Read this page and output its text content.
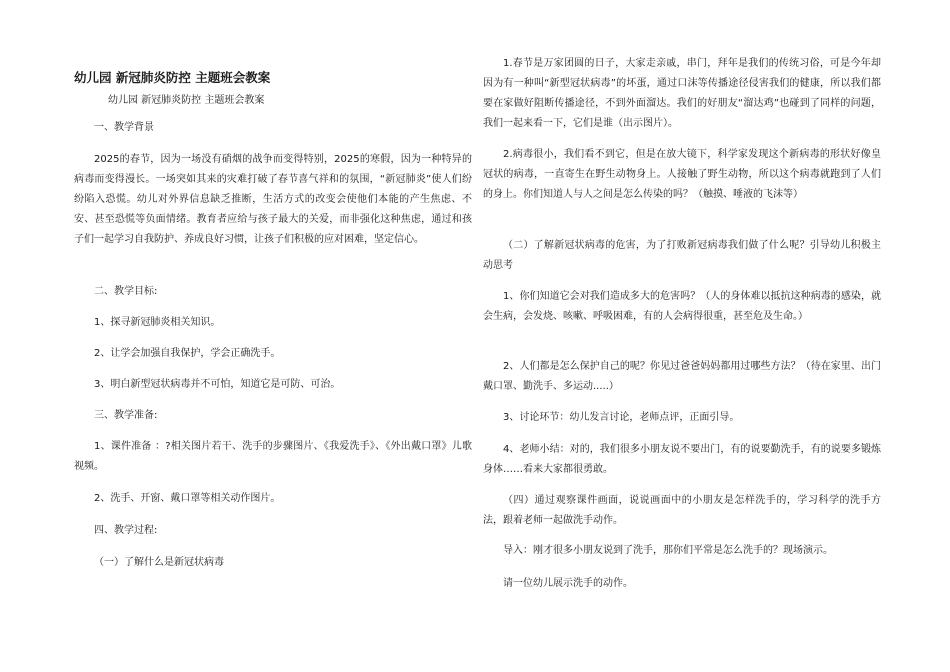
幼儿园 新冠肺炎防控 主题班会教案
幼儿园 新冠肺炎防控 主题班会教案

一、教学背景

2025的春节，因为一场没有硝烟的战争而变得特别，2025的寒假，因为一种特异的病毒而变得漫长。一场突如其来的灾难打破了春节喜气祥和的氛围，“新冠肺炎”使人们纷纷陷入恐慌。幼儿对外界信息缺乏推断，生活方式的改变会使他们本能的产生焦虑、不安、甚至恐慌等负面情绪。教育者应给与孩子最大的关爱，而非强化这种焦虑，通过和孩子们一起学习自我防护、养成良好习惯，让孩子们积极的应对困难，坚定信心。

二、教学目标:

1、探寻新冠肺炎相关知识。

2、让学会加强自我保护，学会正确洗手。

3、明白新型冠状病毒并不可怕，知道它是可防、可治。

三、教学准备:

1、课件准备 ：?相关图片若干、洗手的步骤图片、《我爱洗手》、《外出戴口罩》儿歌视频。

2、洗手、开窗、戴口罩等相关动作图片。

四、教学过程:

（一）了解什么是新冠状病毒

1.春节是万家团圆的日子，大家走亲戚，串门，拜年是我们的传统习俗，可是今年却因为有一种叫“新型冠状病毒”的坏蛋，通过口沫等传播途径侵害我们的健康，所以我们都要在家做好阻断传播途径，不到外面溜达。我们的好朋友“溜达鸡”也碰到了同样的问题，我们一起来看一下，它们是谁（出示图片）。

2.病毒很小，我们看不到它，但是在放大镜下，科学家发现这个新病毒的形状好像皇冠状的病毒，一直寄生在野生动物身上。人接触了野生动物，所以这个病毒就跑到了人们的身上。你们知道人与人之间是怎么传染的吗？（触摸、唾液的飞沫等）

（二）了解新冠状病毒的危害，为了打败新冠病毒我们做了什么呢？引导幼儿积极主动思考

1、你们知道它会对我们造成多大的危害吗？（人的身体难以抵抗这种病毒的感染，就会生病，会发烧、咳嗽、呼吸困难，有的人会病得很重，甚至危及生命。）

2、人们都是怎么保护自己的呢？你见过爸爸妈妈都用过哪些方法？（待在家里、出门戴口罩、勤洗手、多运动.....）

3、讨论环节：幼儿发言讨论，老师点评，正面引导。

4、老师小结：对的，我们很多小朋友说不要出门，有的说要勤洗手，有的说要多锻炼身体……看来大家都很勇敢。

（四）通过观察课件画面，说说画面中的小朋友是怎样洗手的，学习科学的洗手方法，跟着老师一起做洗手动作。

导入：刚才很多小朋友说到了洗手，那你们平常是怎么洗手的？现场演示。

请一位幼儿展示洗手的动作。
